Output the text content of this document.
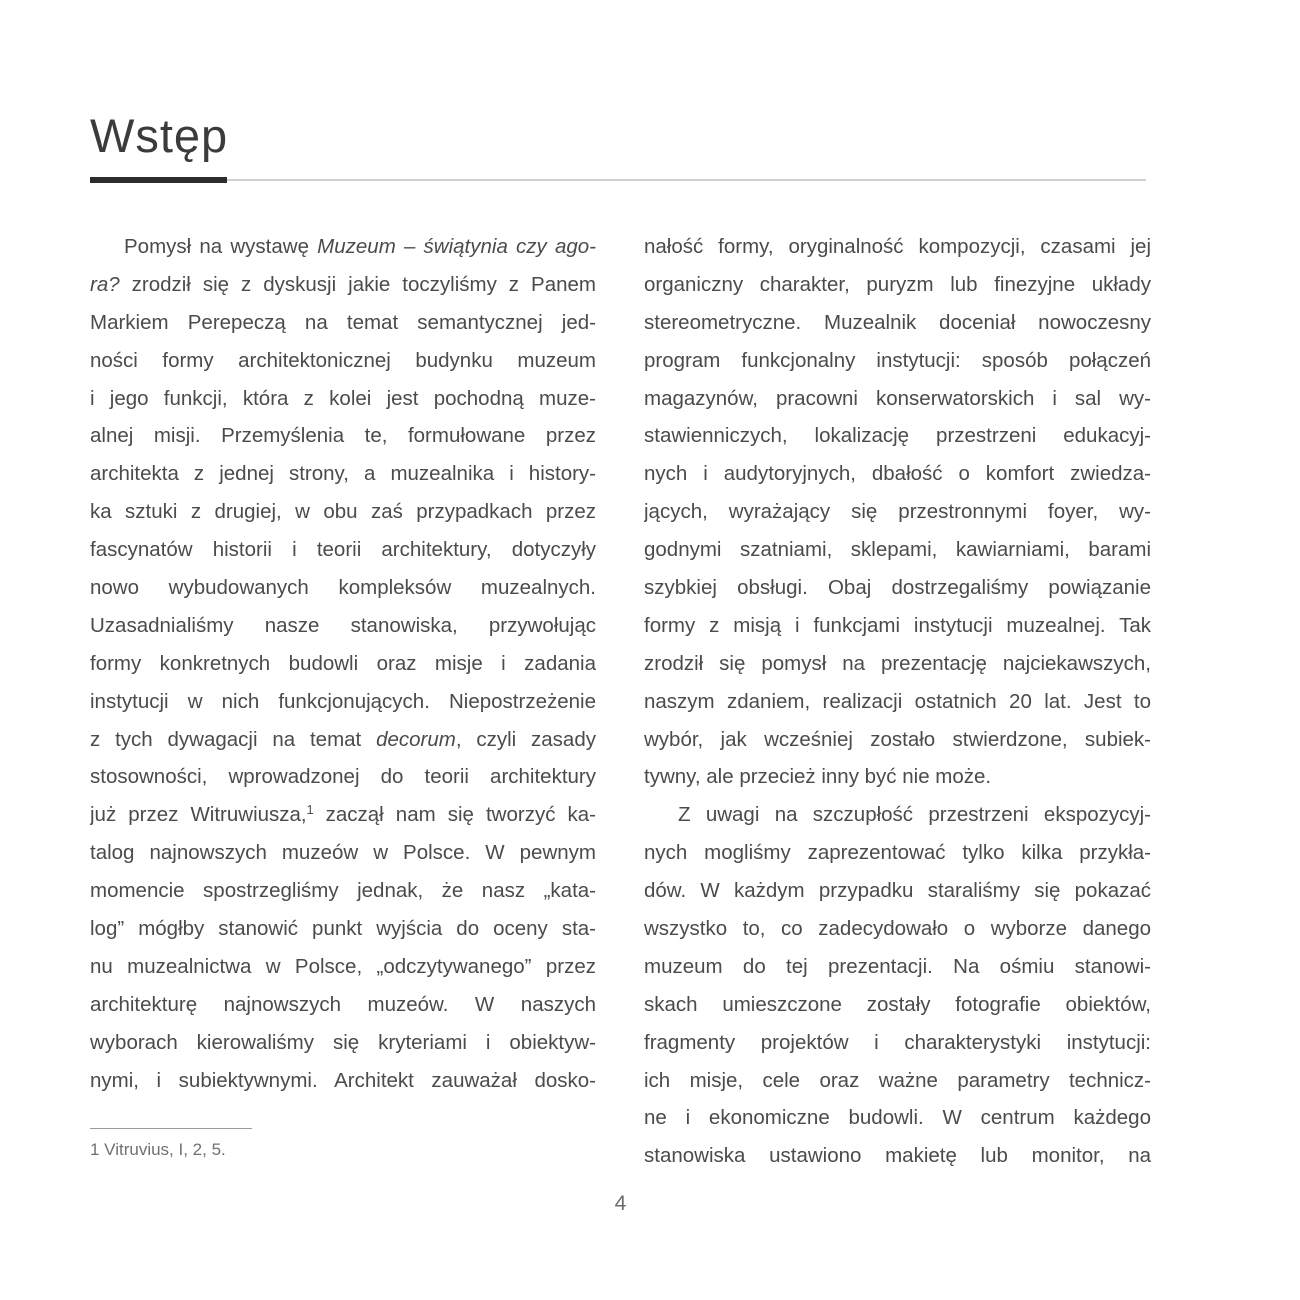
Wstęp
Pomysł na wystawę Muzeum – świątynia czy ago-
ra? zrodził się z dyskusji jakie toczyliśmy z Panem
Markiem Perepeczą na temat semantycznej jed-
ności formy architektonicznej budynku muzeum
i jego funkcji, która z kolei jest pochodną muze-
alnej misji. Przemyślenia te, formułowane przez
architekta z jednej strony, a muzealnika i history-
ka sztuki z drugiej, w obu zaś przypadkach przez
fascynatów historii i teorii architektury, dotyczyły
nowo wybudowanych kompleksów muzealnych.
Uzasadnialiśmy nasze stanowiska, przywołując
formy konkretnych budowli oraz misje i zadania
instytucji w nich funkcjonujących. Niepostrzeżenie
z tych dywagacji na temat decorum, czyli zasady
stosowności, wprowadzonej do teorii architektury
już przez Witruwiusza,$^1$ zaczął nam się tworzyć ka-
talog najnowszych muzeów w Polsce. W pewnym
momencie spostrzegliśmy jednak, że nasz „kata-
log” mógłby stanowić punkt wyjścia do oceny sta-
nu muzealnictwa w Polsce, „odczytywanego” przez
architekturę najnowszych muzeów. W naszych
wyborach kierowaliśmy się kryteriami i obiektyw-
nymi, i subiektywnymi. Architekt zauważał dosko-
nałość formy, oryginalność kompozycji, czasami jej
organiczny charakter, puryzm lub finezyjne układy
stereometryczne. Muzealnik doceniał nowoczesny
program funkcjonalny instytucji: sposób połączeń
magazynów, pracowni konserwatorskich i sal wy-
stawienniczych, lokalizację przestrzeni edukacyj-
nych i audytoryjnych, dbałość o komfort zwiedza-
jących, wyrażający się przestronnymi foyer, wy-
godnymi szatniami, sklepami, kawiarniami, barami
szybkiej obsługi. Obaj dostrzegaliśmy powiązanie
formy z misją i funkcjami instytucji muzealnej. Tak
zrodził się pomysł na prezentację najciekawszych,
naszym zdaniem, realizacji ostatnich 20 lat. Jest to
wybór, jak wcześniej zostało stwierdzone, subiek-
tywny, ale przecież inny być nie może.
Z uwagi na szczupłość przestrzeni ekspozycyj-
nych mogliśmy zaprezentować tylko kilka przykła-
dów. W każdym przypadku staraliśmy się pokazać
wszystko to, co zadecydowało o wyborze danego
muzeum do tej prezentacji. Na ośmiu stanowi-
skach umieszczone zostały fotografie obiektów,
fragmenty projektów i charakterystyki instytucji:
ich misje, cele oraz ważne parametry technicz-
ne i ekonomiczne budowli. W centrum każdego
stanowiska ustawiono makietę lub monitor, na
1 Vitruvius, I, 2, 5.
4
